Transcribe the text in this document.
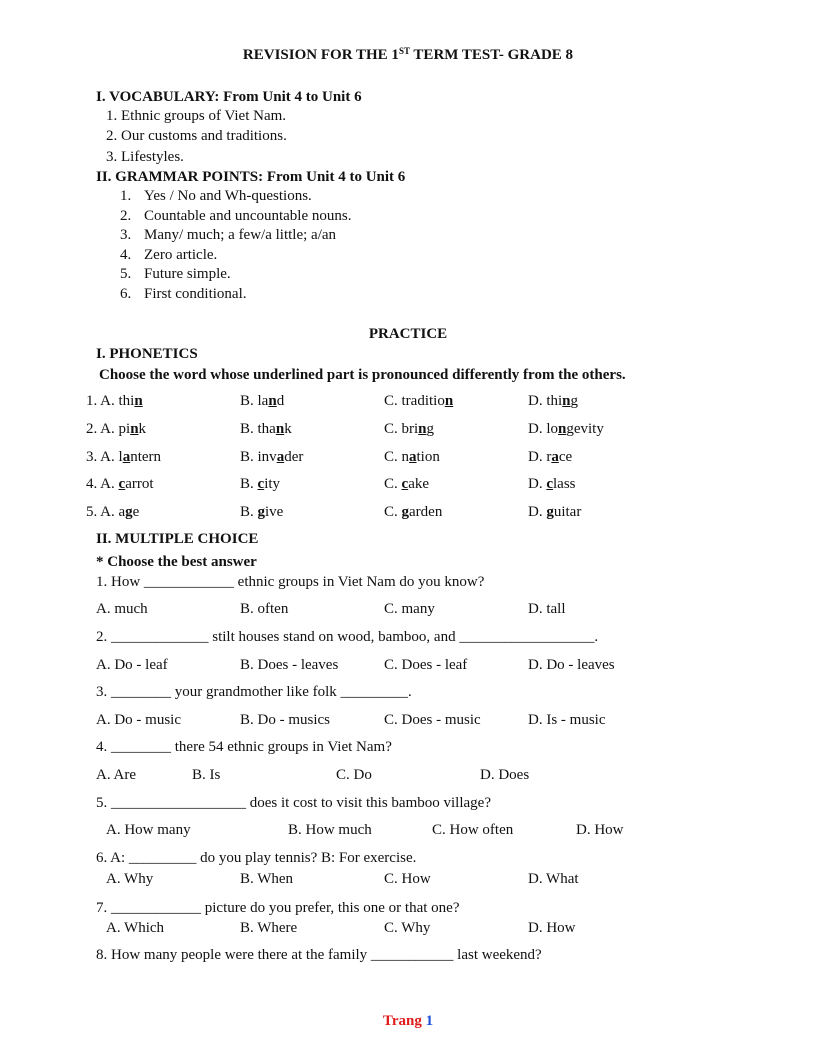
REVISION FOR THE 1ST TERM TEST- GRADE 8
I. VOCABULARY: From Unit 4 to Unit 6
1. Ethnic groups of Viet Nam.
2. Our customs and traditions.
3. Lifestyles.
II. GRAMMAR POINTS: From Unit 4 to Unit 6
1. Yes / No and Wh-questions.
2. Countable and uncountable nouns.
3. Many/ much; a few/a little; a/an
4. Zero article.
5. Future simple.
6. First conditional.
PRACTICE
I. PHONETICS
Choose the word whose underlined part is pronounced differently from the others.
1. A. thin	B. land	C. tradition	D. thing
2. A. pink	B. thank	C. bring	D. longevity
3. A. lantern	B. invader	C. nation	D. race
4. A. carrot	B. city	C. cake	D. class
5. A. age	B. give	C. garden	D. guitar
II. MULTIPLE CHOICE
* Choose the best answer
1. How ____________ ethnic groups in Viet Nam do you know?
A. much	B. often	C. many	D. tall
2. _____________ stilt houses stand on wood, bamboo, and __________________.
A. Do - leaf	B. Does - leaves	C. Does - leaf	D. Do - leaves
3. ________ your grandmother like folk _________.
A. Do - music	B. Do - musics	C. Does - music	D. Is - music
4. ________ there 54 ethnic groups in Viet Nam?
A. Are	B. Is	C. Do	D. Does
5. __________________ does it cost to visit this bamboo village?
A. How many	B. How much	C. How often	D. How
6. A: _________ do you play tennis? B: For exercise.
A. Why	B. When	C. How	D. What
7. ____________ picture do you prefer, this one or that one?
A. Which	B. Where	C. Why	D. How
8. How many people were there at the family ___________ last weekend?
Trang 1
